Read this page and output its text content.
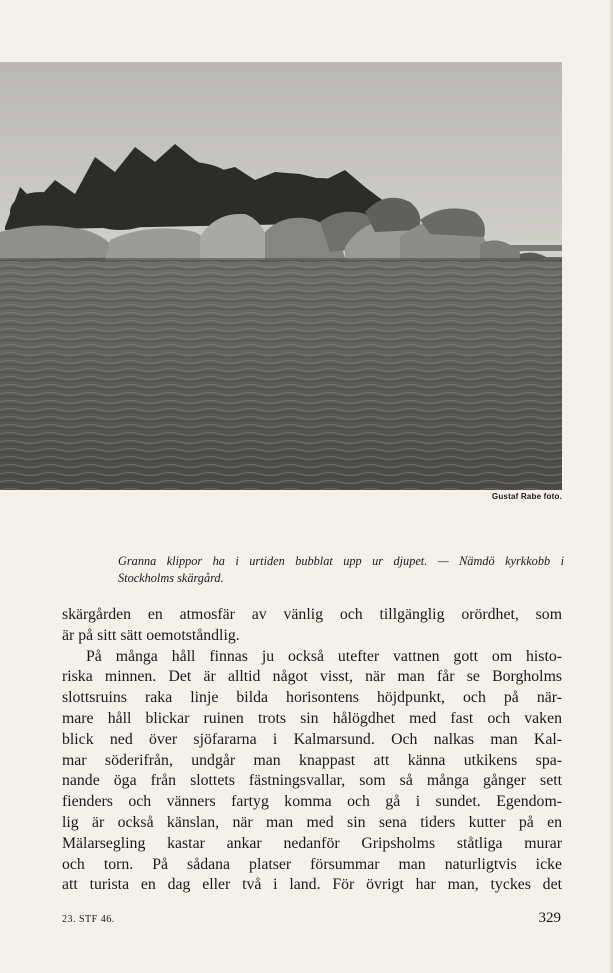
Gustaf Rabe foto.
Granna klippor ha i urtiden bubblat upp ur djupet. — Nämdö kyrkkobb i
Stockholms skärgård.
skärgården en atmosfär av vänlig och tillgänglig orördhet, som
är på sitt sätt oemotståndlig.
På många håll finnas ju också utefter vattnen gott om histo-
riska minnen. Det är alltid något visst, när man får se Borgholms
slottsruins raka linje bilda horisontens höjdpunkt, och på när-
mare håll blickar ruinen trots sin hålögdhet med fast och vaken
blick ned över sjöfararna i Kalmarsund. Och nalkas man Kal-
mar söderifrån, undgår man knappast att känna utkikens spa-
nande öga från slottets fästningsvallar, som så många gånger sett
fienders och vänners fartyg komma och gå i sundet. Egendom-
lig är också känslan, när man med sin sena tiders kutter på en
Mälarsegling kastar ankar nedanför Gripsholms ståtliga murar
och torn. På sådana platser försummar man naturligtvis icke
att turista en dag eller två i land. För övrigt har man, tyckes det
23. STF 46.	329
